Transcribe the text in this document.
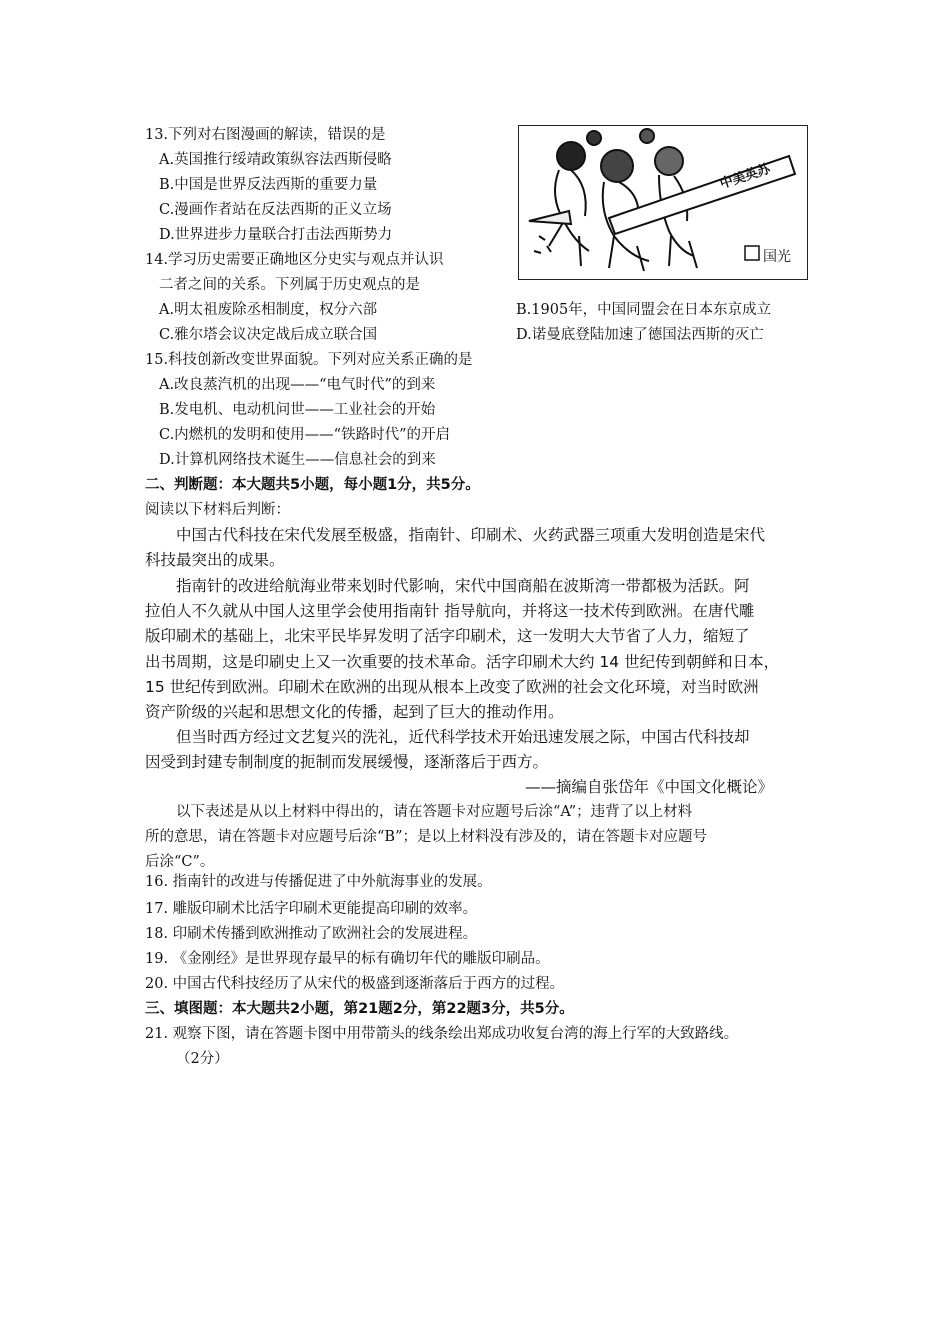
13.下列对右图漫画的解读，错误的是
A.英国推行绥靖政策纵容法西斯侵略
B.中国是世界反法西斯的重要力量
C.漫画作者站在反法西斯的正义立场
D.世界进步力量联合打击法西斯势力
中美英苏
国光
14.学习历史需要正确地区分史实与观点并认识
二者之间的关系。下列属于历史观点的是
A.明太祖废除丞相制度，权分六部	B.1905年，中国同盟会在日本东京成立
C.雅尔塔会议决定战后成立联合国	D.诺曼底登陆加速了德国法西斯的灭亡
15.科技创新改变世界面貌。下列对应关系正确的是
A.改良蒸汽机的出现——“电气时代”的到来
B.发电机、电动机问世——工业社会的开始
C.内燃机的发明和使用——“铁路时代”的开启
D.计算机网络技术诞生——信息社会的到来
二、判断题：本大题共5小题，每小题1分，共5分。
阅读以下材料后判断：
中国古代科技在宋代发展至极盛，指南针、印刷术、火药武器三项重大发明创造是宋代
科技最突出的成果。
指南针的改进给航海业带来划时代影响，宋代中国商船在波斯湾一带都极为活跃。阿
拉伯人不久就从中国人这里学会使用指南针 指导航向，并将这一技术传到欧洲。在唐代雕
版印刷术的基础上，北宋平民毕昇发明了活字印刷术，这一发明大大节省了人力，缩短了
出书周期，这是印刷史上又一次重要的技术革命。活字印刷术大约 14 世纪传到朝鲜和日本，
15 世纪传到欧洲。印刷术在欧洲的出现从根本上改变了欧洲的社会文化环境，对当时欧洲
资产阶级的兴起和思想文化的传播，起到了巨大的推动作用。
但当时西方经过文艺复兴的洗礼，近代科学技术开始迅速发展之际，中国古代科技却
因受到封建专制制度的扼制而发展缓慢，逐渐落后于西方。
——摘编自张岱年《中国文化概论》
以下表述是从以上材料中得出的，请在答题卡对应题号后涂“A”；违背了以上材料
所的意思，请在答题卡对应题号后涂“B”；是以上材料没有涉及的，请在答题卡对应题号
后涂“C”。
16. 指南针的改进与传播促进了中外航海事业的发展。
17. 雕版印刷术比活字印刷术更能提高印刷的效率。
18. 印刷术传播到欧洲推动了欧洲社会的发展进程。
19. 《金刚经》是世界现存最早的标有确切年代的雕版印刷品。
20. 中国古代科技经历了从宋代的极盛到逐渐落后于西方的过程。
三、填图题：本大题共2小题，第21题2分，第22题3分，共5分。
21. 观察下图，请在答题卡图中用带箭头的线条绘出郑成功收复台湾的海上行军的大致路线。
（2分）
